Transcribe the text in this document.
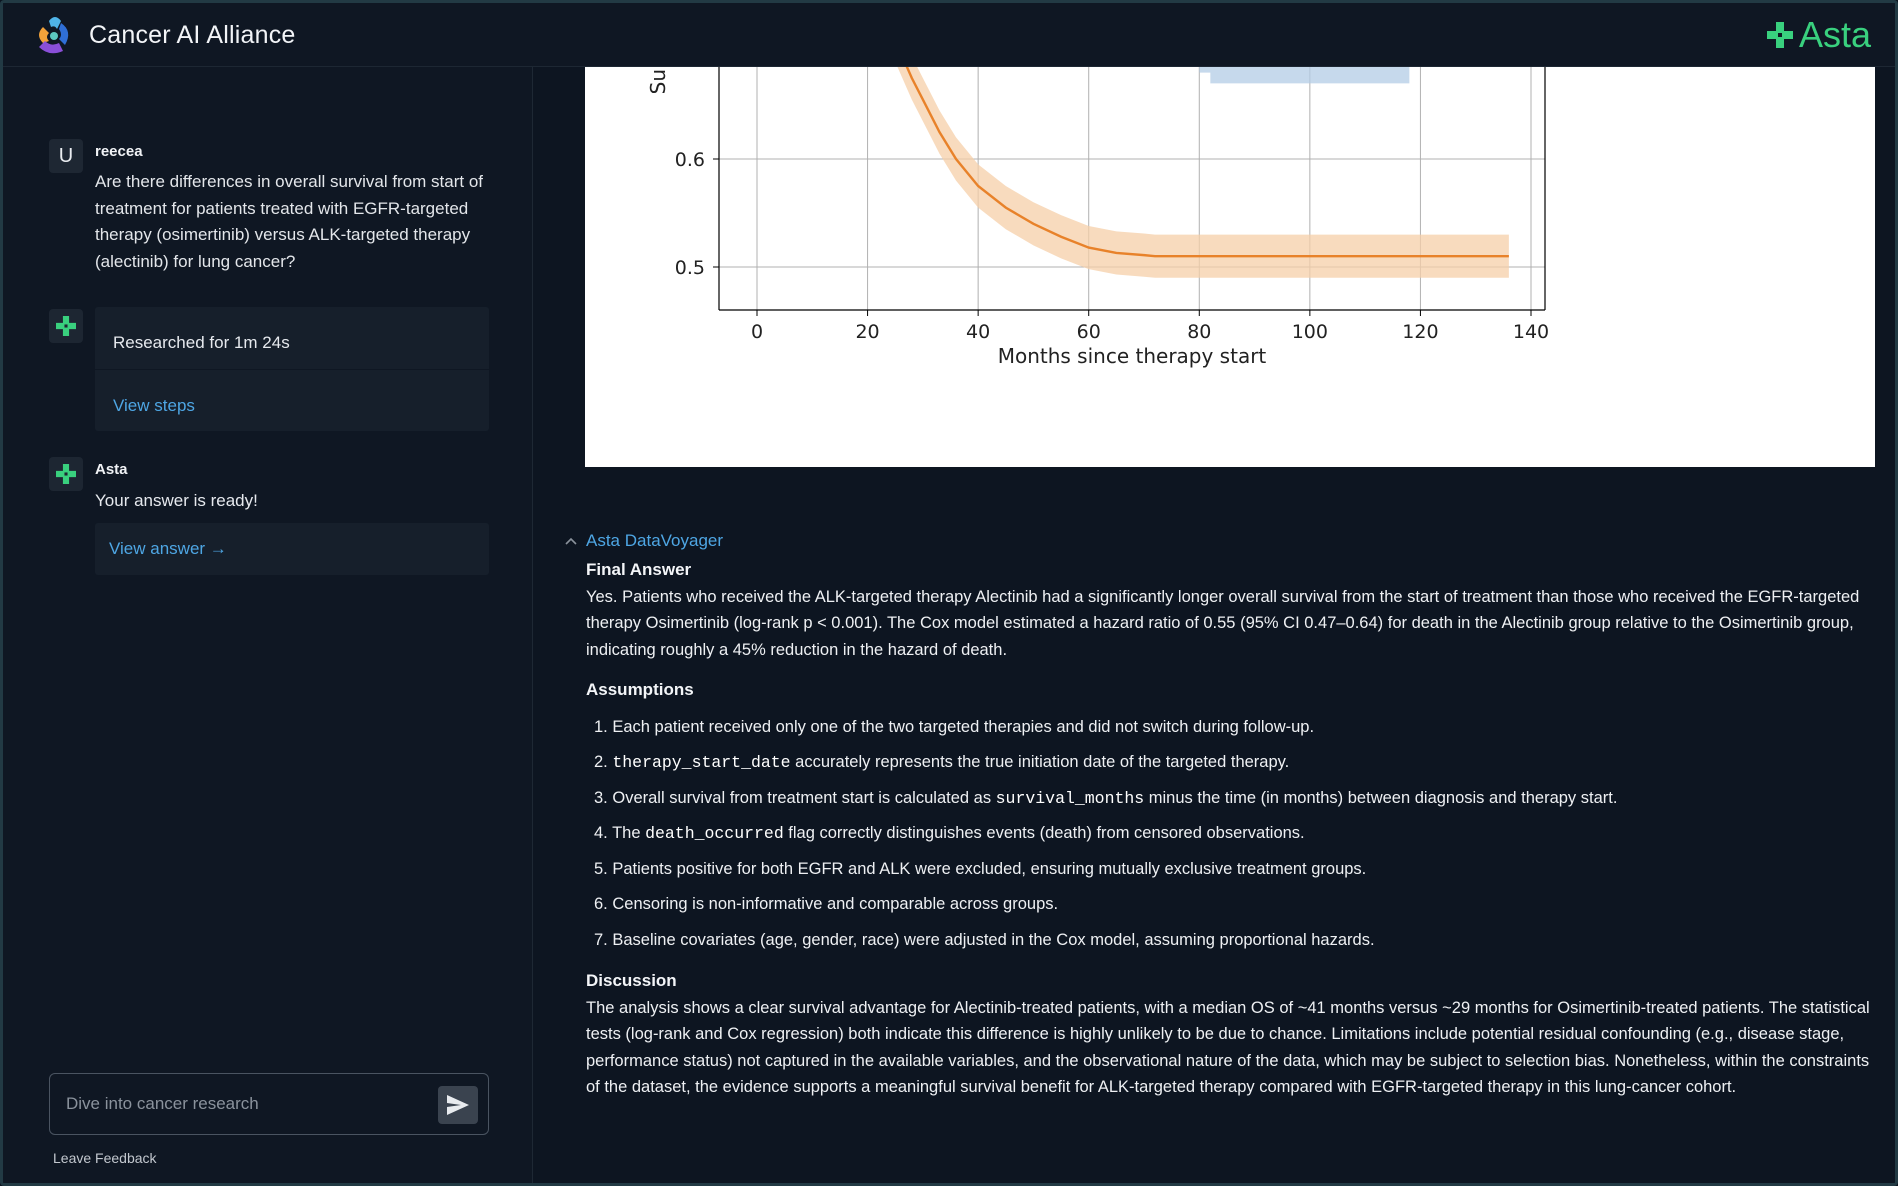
Cancer AI Alliance	Asta
U	reecea
Are there differences in overall survival from start of treatment for patients treated with EGFR-targeted therapy (osimertinib) versus ALK-targeted therapy (alectinib) for lung cancer?
Researched for 1m 24s
View steps
Asta
Your answer is ready!
View answer →
Dive into cancer research
Leave Feedback
0	20	40	60	80	100	120	140
0.5
0.6
Months since therapy start
Su
Asta DataVoyager
Final Answer
Yes. Patients who received the ALK-targeted therapy Alectinib had a significantly longer overall survival from the start of treatment than those who received the EGFR-targeted therapy Osimertinib (log-rank p < 0.001). The Cox model estimated a hazard ratio of 0.55 (95% CI 0.47–0.64) for death in the Alectinib group relative to the Osimertinib group, indicating roughly a 45% reduction in the hazard of death.
Assumptions
1. Each patient received only one of the two targeted therapies and did not switch during follow-up.
2. therapy_start_date accurately represents the true initiation date of the targeted therapy.
3. Overall survival from treatment start is calculated as survival_months minus the time (in months) between diagnosis and therapy start.
4. The death_occurred flag correctly distinguishes events (death) from censored observations.
5. Patients positive for both EGFR and ALK were excluded, ensuring mutually exclusive treatment groups.
6. Censoring is non-informative and comparable across groups.
7. Baseline covariates (age, gender, race) were adjusted in the Cox model, assuming proportional hazards.
Discussion
The analysis shows a clear survival advantage for Alectinib-treated patients, with a median OS of ~41 months versus ~29 months for Osimertinib-treated patients. The statistical tests (log-rank and Cox regression) both indicate this difference is highly unlikely to be due to chance. Limitations include potential residual confounding (e.g., disease stage, performance status) not captured in the available variables, and the observational nature of the data, which may be subject to selection bias. Nonetheless, within the constraints of the dataset, the evidence supports a meaningful survival benefit for ALK-targeted therapy compared with EGFR-targeted therapy in this lung-cancer cohort.
